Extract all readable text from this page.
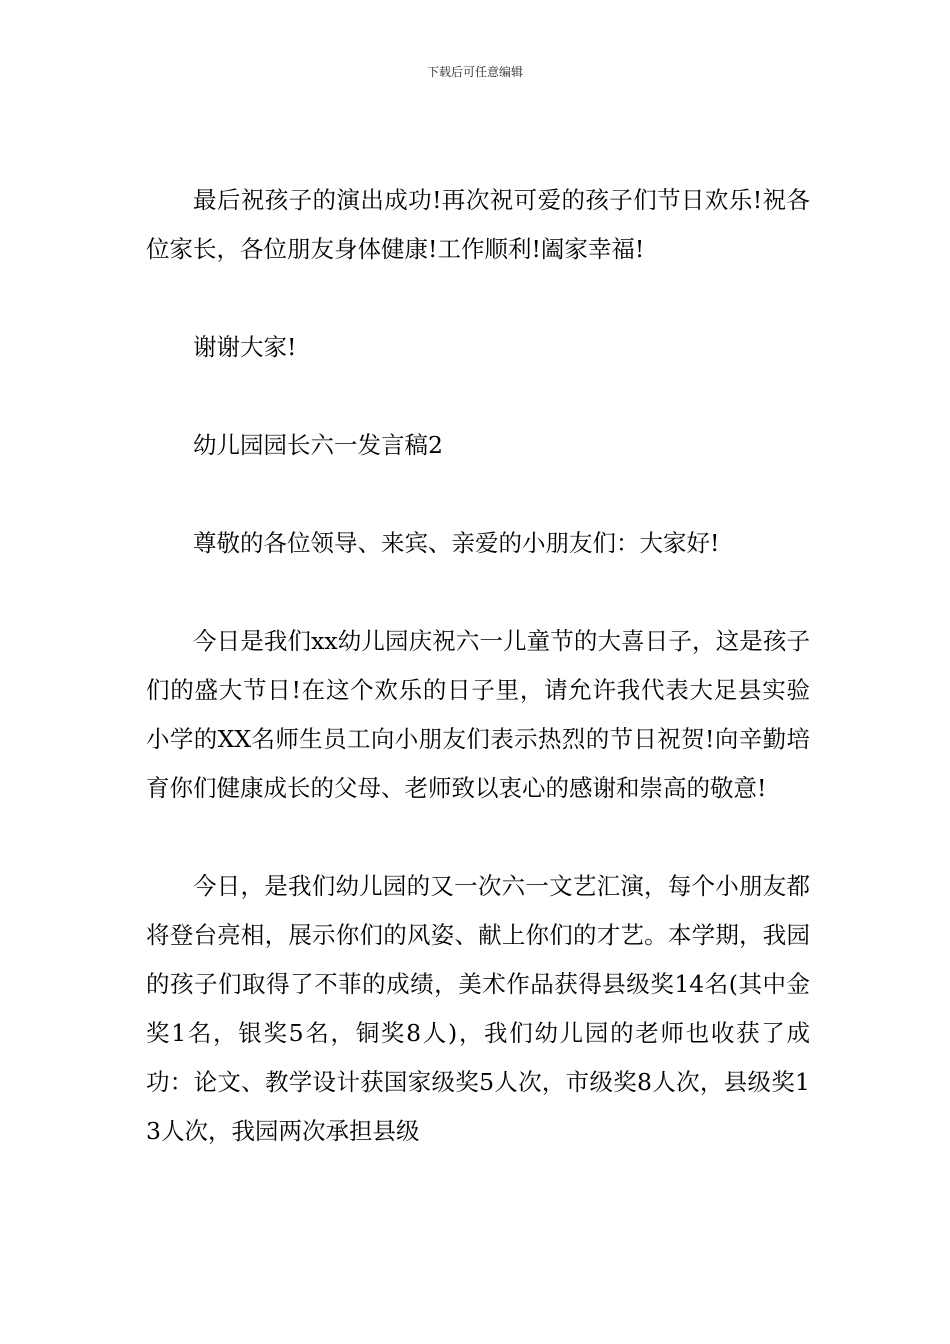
下载后可任意编辑

最后祝孩子的演出成功!再次祝可爱的孩子们节日欢乐!祝各位家长，各位朋友身体健康!工作顺利!阖家幸福!

谢谢大家!

幼儿园园长六一发言稿2

尊敬的各位领导、来宾、亲爱的小朋友们：大家好!

今日是我们xx幼儿园庆祝六一儿童节的大喜日子，这是孩子们的盛大节日!在这个欢乐的日子里，请允许我代表大足县实验小学的XX名师生员工向小朋友们表示热烈的节日祝贺!向辛勤培育你们健康成长的父母、老师致以衷心的感谢和崇高的敬意!

今日，是我们幼儿园的又一次六一文艺汇演，每个小朋友都将登台亮相，展示你们的风姿、献上你们的才艺。本学期，我园的孩子们取得了不菲的成绩，美术作品获得县级奖14名(其中金奖1名，银奖5名，铜奖8人)，我们幼儿园的老师也收获了成功：论文、教学设计获国家级奖5人次，市级奖8人次，县级奖13人次，我园两次承担县级
